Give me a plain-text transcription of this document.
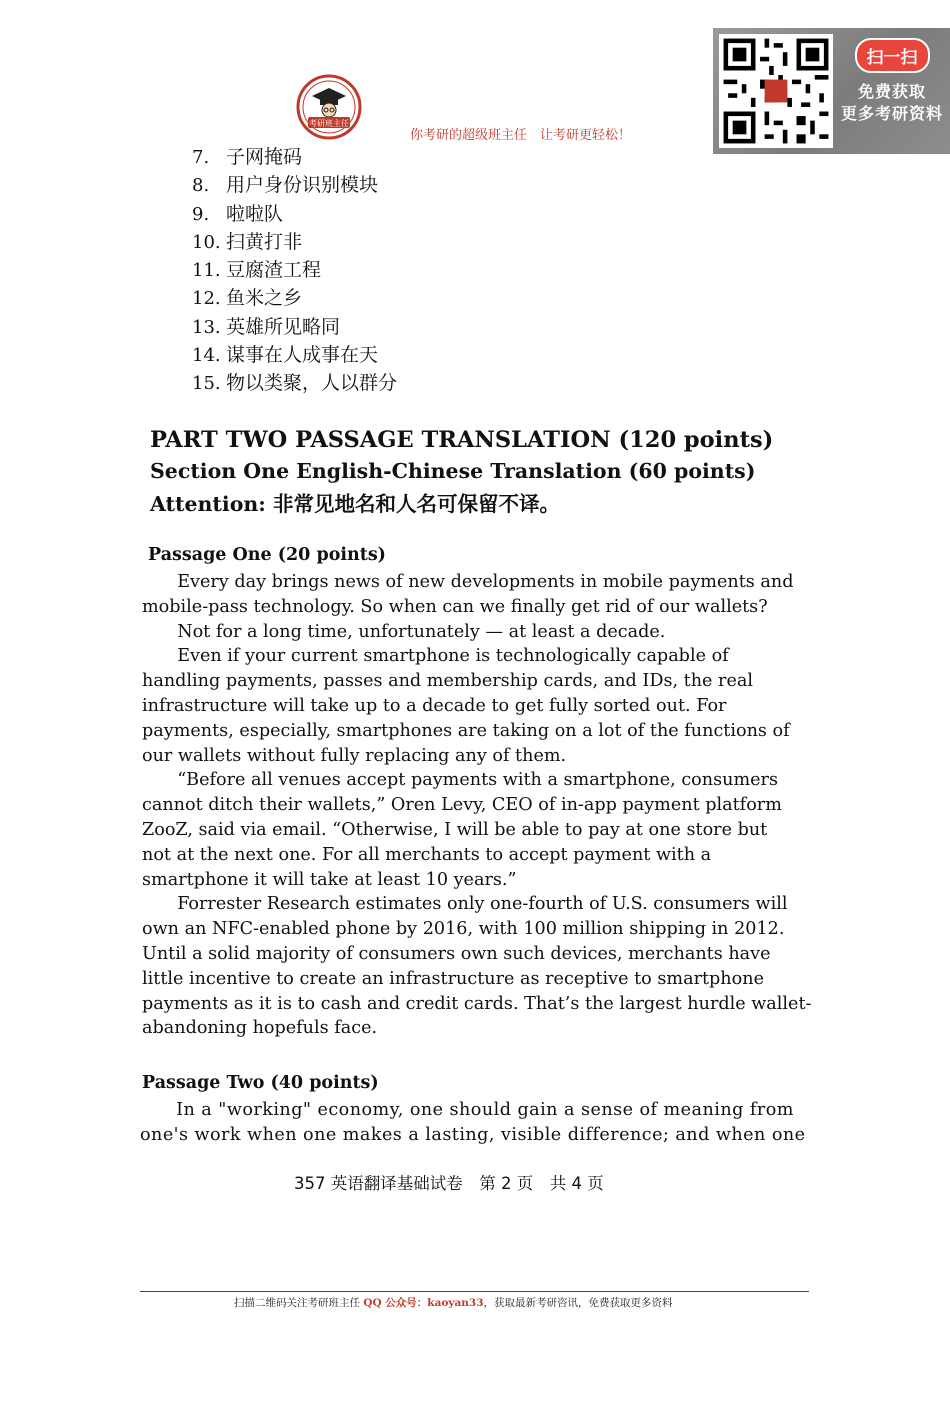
考研班主任
你考研的超级班主任　让考研更轻松！
扫一扫
免费获取
更多考研资料
7. 子网掩码
8. 用户身份识别模块
9. 啦啦队
10. 扫黄打非
11. 豆腐渣工程
12. 鱼米之乡
13. 英雄所见略同
14. 谋事在人成事在天
15. 物以类聚，人以群分
PART TWO PASSAGE TRANSLATION (120 points)
Section One English-Chinese Translation (60 points)
Attention: 非常见地名和人名可保留不译。
Passage One (20 points)
　　Every day brings news of new developments in mobile payments and
mobile-pass technology. So when can we finally get rid of our wallets?
　　Not for a long time, unfortunately — at least a decade.
　　Even if your current smartphone is technologically capable of
handling payments, passes and membership cards, and IDs, the real
infrastructure will take up to a decade to get fully sorted out. For
payments, especially, smartphones are taking on a lot of the functions of
our wallets without fully replacing any of them.
　　“Before all venues accept payments with a smartphone, consumers
cannot ditch their wallets,” Oren Levy, CEO of in-app payment platform
ZooZ, said via email. “Otherwise, I will be able to pay at one store but
not at the next one. For all merchants to accept payment with a
smartphone it will take at least 10 years.”
　　Forrester Research estimates only one-fourth of U.S. consumers will
own an NFC-enabled phone by 2016, with 100 million shipping in 2012.
Until a solid majority of consumers own such devices, merchants have
little incentive to create an infrastructure as receptive to smartphone
payments as it is to cash and credit cards. That’s the largest hurdle wallet-
abandoning hopefuls face.
Passage Two (40 points)
　　In a "working" economy, one should gain a sense of meaning from
one's work when one makes a lasting, visible difference; and when one
357 英语翻译基础试卷　第 2 页　共 4 页
扫描二维码关注考研班主任 QQ 公众号：kaoyan33，获取最新考研咨讯，免费获取更多资料
